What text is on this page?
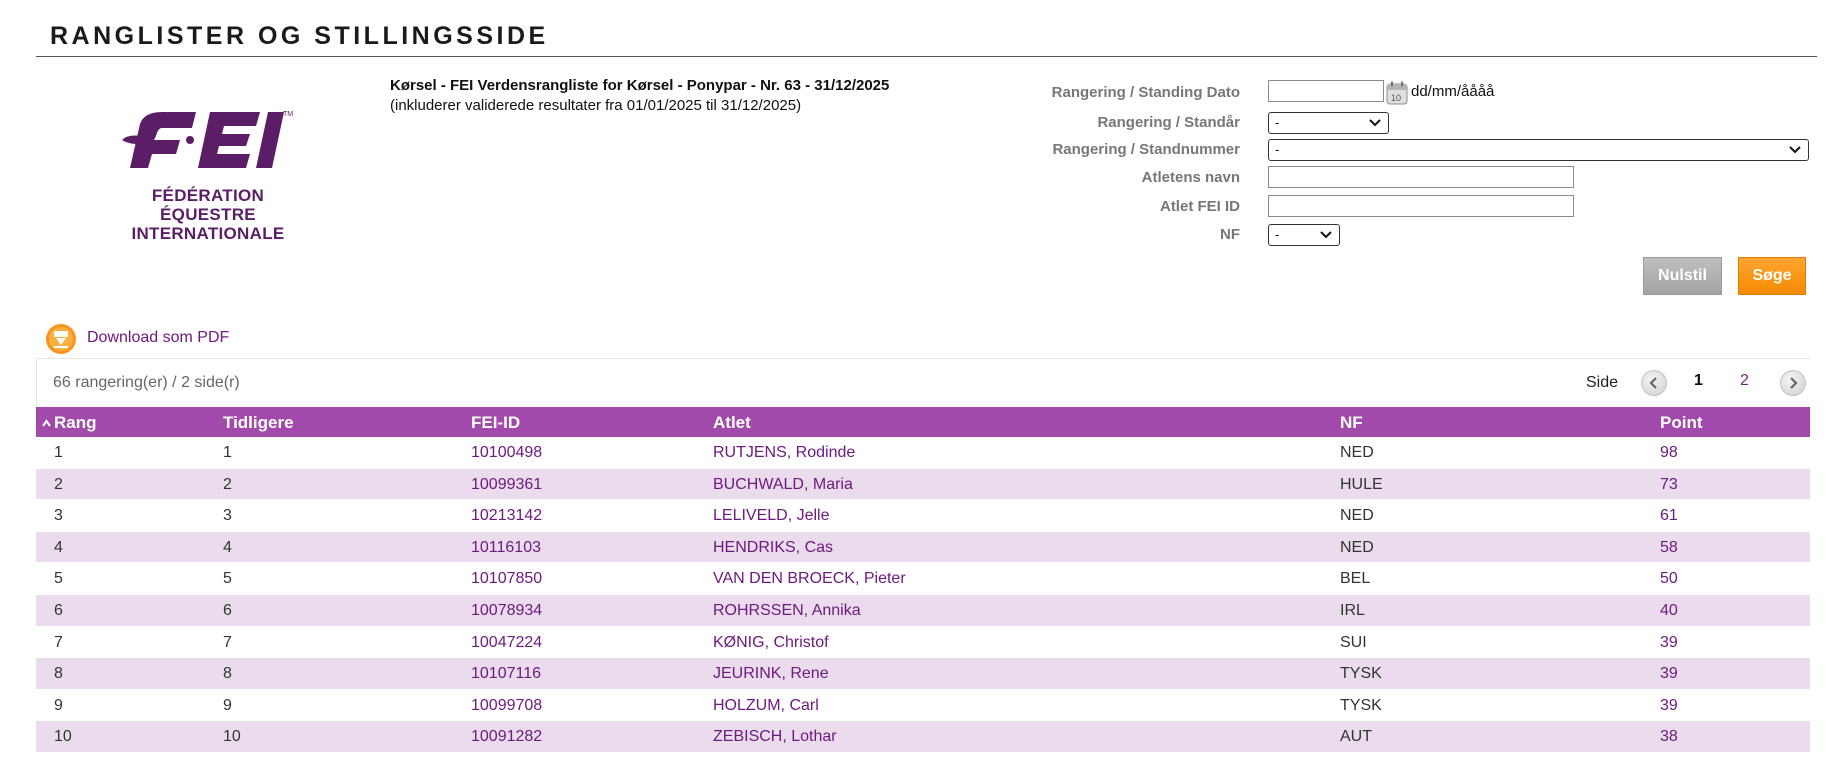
RANGLISTER OG STILLINGSSIDE
TM
FÉDÉRATION
ÉQUESTRE
INTERNATIONALE
Kørsel - FEI Verdensrangliste for Kørsel - Ponypar - Nr. 63 - 31/12/2025
(inkluderer validerede resultater fra 01/01/2025 til 31/12/2025)
Rangering / Standing Dato	10 dd/mm/åååå
Rangering / Standår	-
Rangering / Standnummer	-
Atletens navn
Atlet FEI ID
NF	-
Nulstil	Søge
Download som PDF
66 rangering(er) / 2 side(r)	Side	1 2
Rang	Tidligere	FEI-ID	Atlet	NF	Point
1	1	10100498	RUTJENS, Rodinde	NED	98
2	2	10099361	BUCHWALD, Maria	HULE	73
3	3	10213142	LELIVELD, Jelle	NED	61
4	4	10116103	HENDRIKS, Cas	NED	58
5	5	10107850	VAN DEN BROECK, Pieter	BEL	50
6	6	10078934	ROHRSSEN, Annika	IRL	40
7	7	10047224	KØNIG, Christof	SUI	39
8	8	10107116	JEURINK, Rene	TYSK	39
9	9	10099708	HOLZUM, Carl	TYSK	39
10	10	10091282	ZEBISCH, Lothar	AUT	38
